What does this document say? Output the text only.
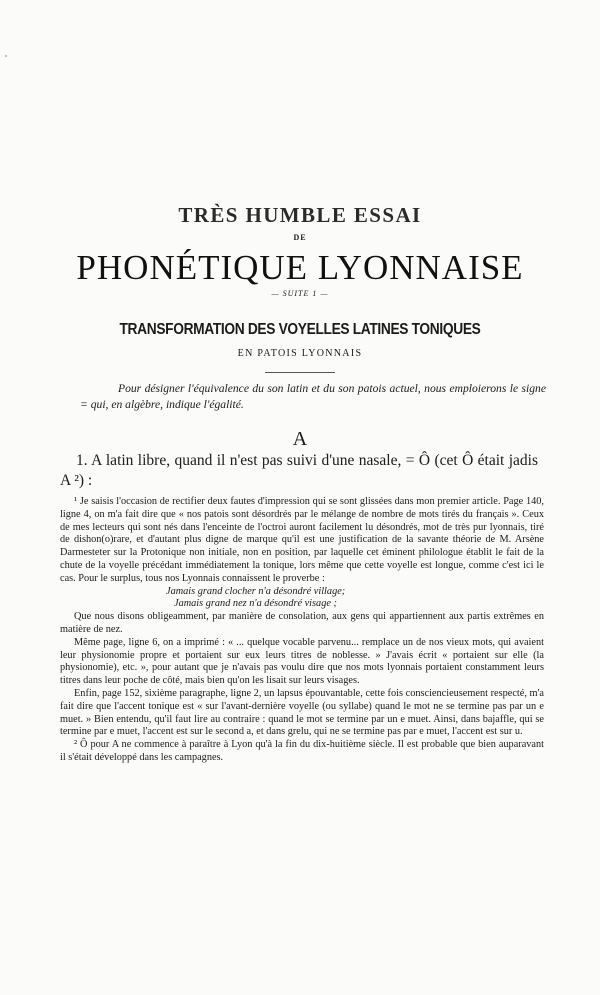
TRÈS HUMBLE ESSAI
DE
PHONÉTIQUE LYONNAISE
— SUITE 1 —
TRANSFORMATION DES VOYELLES LATINES TONIQUES
EN PATOIS LYONNAIS
Pour désigner l'équivalence du son latin et du son patois actuel, nous emploierons le signe = qui, en algèbre, indique l'égalité.
A
1. A latin libre, quand il n'est pas suivi d'une nasale, = Ô (cet Ô était jadis A ²) :

¹ Je saisis l'occasion de rectifier deux fautes d'impression qui se sont glissées dans mon premier article. Page 140, ligne 4, on m'a fait dire que « nos patois sont désordrés par le mélange de nombre de mots tirés du français ». Ceux de mes lecteurs qui sont nés dans l'enceinte de l'octroi auront facilement lu désondrés, mot de très pur lyonnais, tiré de dishon(o)rare, et d'autant plus digne de marque qu'il est une justification de la savante théorie de M. Arsène Darmesteter sur la Protonique non initiale, non en position, par laquelle cet éminent philologue établit le fait de la chute de la voyelle précédant immédiatement la tonique, lors même que cette voyelle est longue, comme c'est ici le cas. Pour le surplus, tous nos Lyonnais connaissent le proverbe :

Jamais grand clocher n'a désondré village;

Jamais grand nez n'a désondré visage ;

Que nous disons obligeamment, par manière de consolation, aux gens qui appartiennent aux partis extrêmes en matière de nez.

Même page, ligne 6, on a imprimé : « ... quelque vocable parvenu... remplace un de nos vieux mots, qui avaient leur physionomie propre et portaient sur eux leurs titres de noblesse. » J'avais écrit « portaient sur elle (la physionomie), etc. », pour autant que je n'avais pas voulu dire que nos mots lyonnais portaient constamment leurs titres dans leur poche de côté, mais bien qu'on les lisait sur leurs visages.

Enfin, page 152, sixième paragraphe, ligne 2, un lapsus épouvantable, cette fois consciencieusement respecté, m'a fait dire que l'accent tonique est « sur l'avant-dernière voyelle (ou syllabe) quand le mot ne se termine pas par un e muet. » Bien entendu, qu'il faut lire au contraire : quand le mot se termine par un e muet. Ainsi, dans bajaffle, qui se termine par e muet, l'accent est sur le second a, et dans grelu, qui ne se termine pas par e muet, l'accent est sur u.

² Ô pour A ne commence à paraître à Lyon qu'à la fin du dix-huitième siècle. Il est probable que bien auparavant il s'était développé dans les campagnes.
